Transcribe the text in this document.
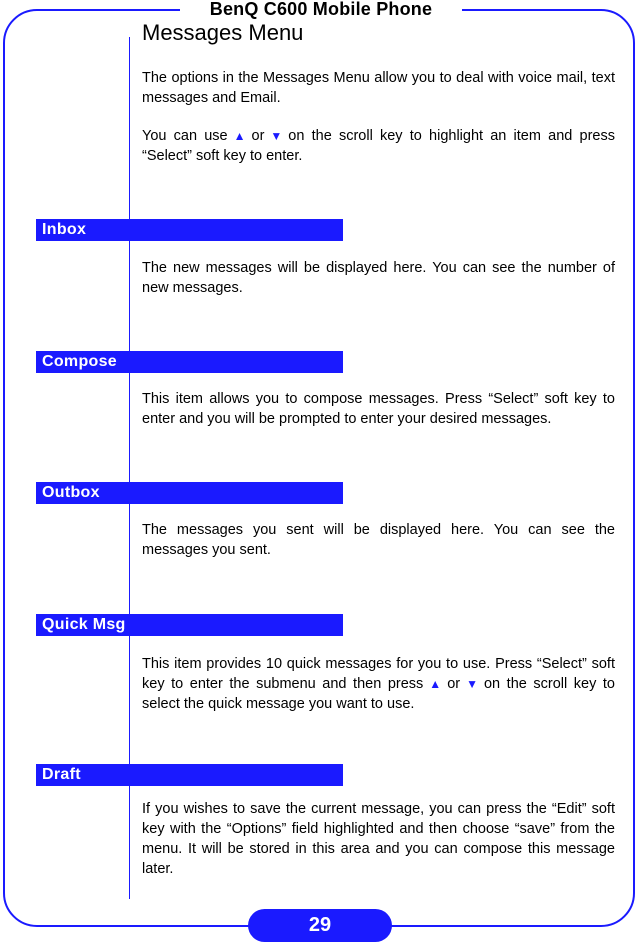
BenQ C600 Mobile Phone
Messages Menu

The options in the Messages Menu allow you to deal with voice mail, text messages and Email.

You can use ▲ or ▼ on the scroll key to highlight an item and press “Select” soft key to enter.

Inbox

The new messages will be displayed here. You can see the number of new messages.

Compose

This item allows you to compose messages. Press “Select” soft key to enter and you will be prompted to enter your desired messages.

Outbox

The messages you sent will be displayed here. You can see the messages you sent.

Quick Msg

This item provides 10 quick messages for you to use. Press “Select” soft key to enter the submenu and then press ▲ or ▼ on the scroll key to select the quick message you want to use.

Draft

If you wishes to save the current message, you can press the “Edit” soft key with the “Options” field highlighted and then choose “save” from the menu. It will be stored in this area and you can compose this message later.

29
